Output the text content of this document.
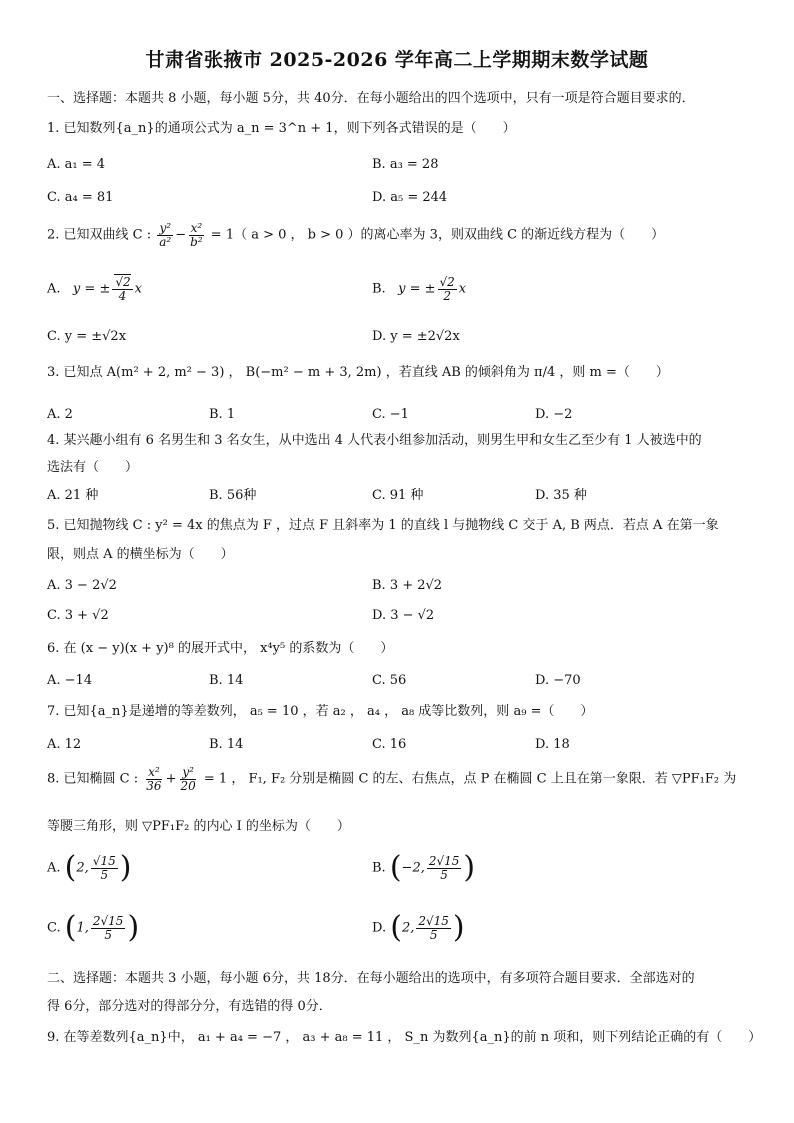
甘肃省张掖市 2025-2026 学年高二上学期期末数学试题
一、选择题：本题共 8 小题，每小题 5分，共 40分．在每小题给出的四个选项中，只有一项是符合题目要求的．
1. 已知数列{a_n}的通项公式为 a_n = 3^n + 1，则下列各式错误的是（　　）
A. a₁ = 4	B. a₃ = 28
C. a₄ = 81	D. a₅ = 244
2. 已知双曲线 C : $\frac{\text{y²}}{\text{a²}} - \frac{\text{x²}}{\text{b²}} = 1$（ a > 0 ， b > 0 ）的离心率为 3，则双曲线 C 的渐近线方程为（　　）
A.   y = ± $\frac{√2}{4}$ x	B.   y = ± $\frac{√2}{2}$ x
C. y = ±√2x	D. y = ±2√2x
3. 已知点 A(m² + 2, m² − 3) ， B(−m² − m + 3, 2m) ，若直线 AB 的倾斜角为 π/4 ，则 m =（　　）
A. 2	B. 1	C. −1	D. −2
4. 某兴趣小组有 6 名男生和 3 名女生，从中选出 4 人代表小组参加活动，则男生甲和女生乙至少有 1 人被选中的
选法有（　　）
A. 21 种	B. 56种	C. 91 种	D. 35 种
5. 已知抛物线 C : y² = 4x 的焦点为 F ，过点 F 且斜率为 1 的直线 l 与抛物线 C 交于 A, B 两点．若点 A 在第一象
限，则点 A 的横坐标为（　　）
A. 3 − 2√2	B. 3 + 2√2
C. 3 + √2	D. 3 − √2
6. 在 (x − y)(x + y)⁸ 的展开式中， x⁴y⁵ 的系数为（　　）
A. −14	B. 14	C. 56	D. −70
7. 已知{a_n}是递增的等差数列， a₅ = 10 ，若 a₂ ， a₄ ， a₈ 成等比数列，则 a₉ =（　　）
A. 12	B. 14	C. 16	D. 18
8. 已知椭圆 C : $\frac{\text{x²}}{36} + \frac{\text{y²}}{20} = 1$ ， F₁, F₂ 分别是椭圆 C 的左、右焦点，点 P 在椭圆 C 上且在第一象限．若 ▽PF₁F₂ 为
等腰三角形，则 ▽PF₁F₂ 的内心 I 的坐标为（　　）
A. (2, $\frac{√15}{5}$ )	B. (−2, $\frac{2√15}{5}$ )
C. (1, $\frac{2√15}{5}$ )	D. (2, $\frac{2√15}{5}$ )
二、选择题：本题共 3 小题，每小题 6分，共 18分．在每小题给出的选项中，有多项符合题目要求．全部选对的
得 6分，部分选对的得部分分，有选错的得 0分．
9. 在等差数列{a_n}中， a₁ + a₄ = −7 ， a₃ + a₈ = 11 ， S_n 为数列{a_n}的前 n 项和，则下列结论正确的有（　　）
